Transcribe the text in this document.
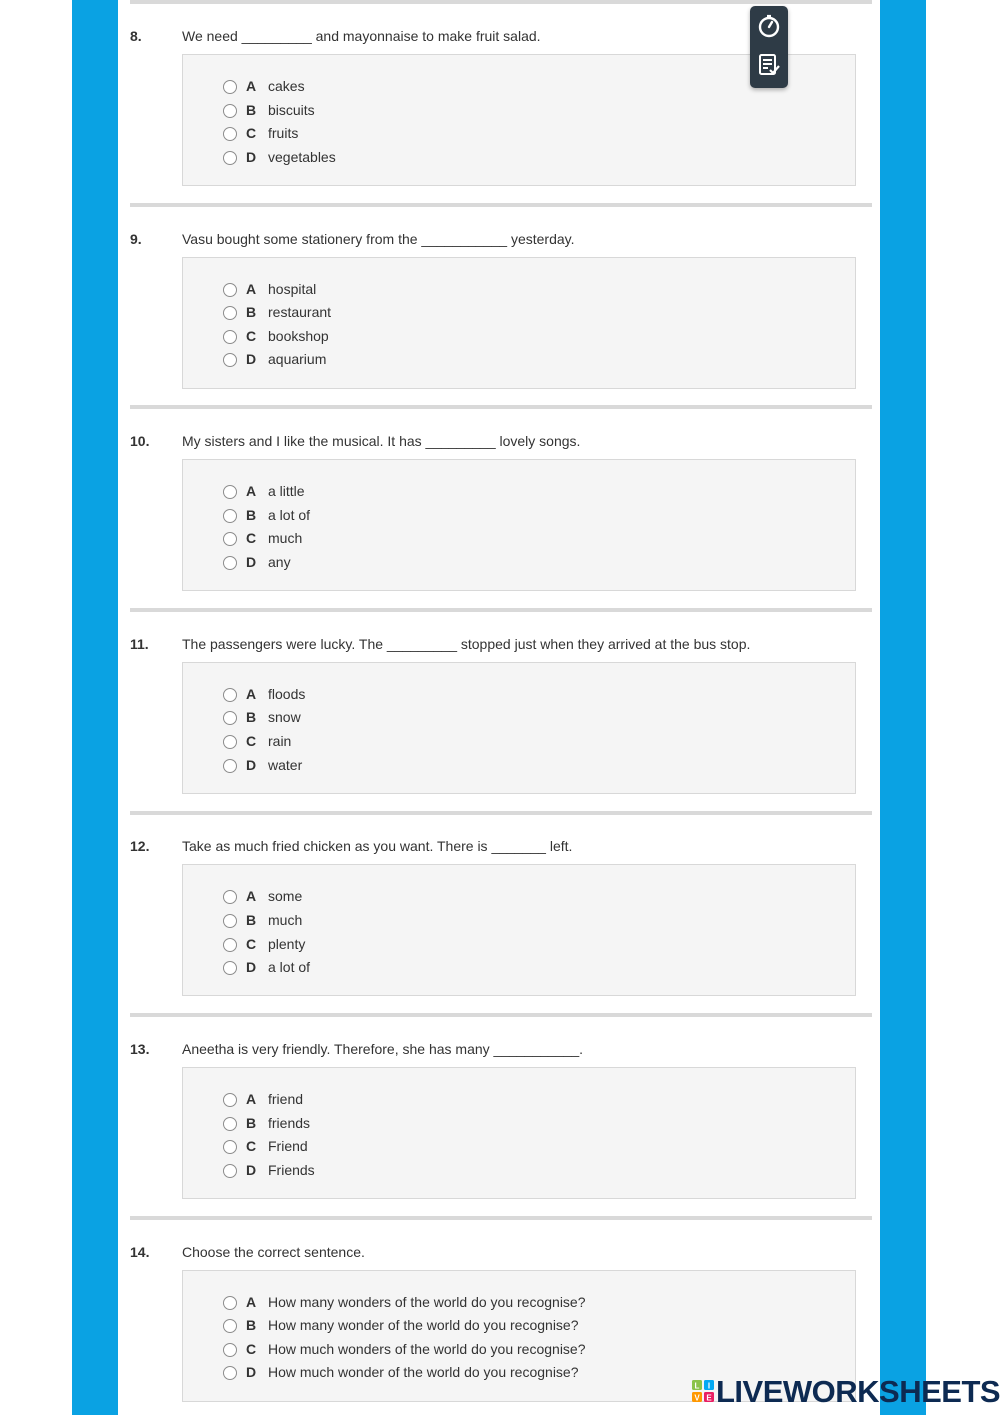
8.	We need _________ and mayonnaise to make fruit salad.
A cakes
B biscuits
C fruits
D vegetables
9.	Vasu bought some stationery from the ___________ yesterday.
A hospital
B restaurant
C bookshop
D aquarium
10. My sisters and I like the musical. It has _________ lovely songs.
A a little
B a lot of
C much
D any
11. The passengers were lucky. The _________ stopped just when they arrived at the bus stop.
A floods
B snow
C rain
D water
12. Take as much fried chicken as you want. There is _______ left.
A some
B much
C plenty
D a lot of
13. Aneetha is very friendly. Therefore, she has many ___________.
A friend
B friends
C Friend
D Friends
14. Choose the correct sentence.
A How many wonders of the world do you recognise?
B How many wonder of the world do you recognise?
C How much wonders of the world do you recognise?
D How much wonder of the world do you recognise?
L I
V E LIVEWORKSHEETS
